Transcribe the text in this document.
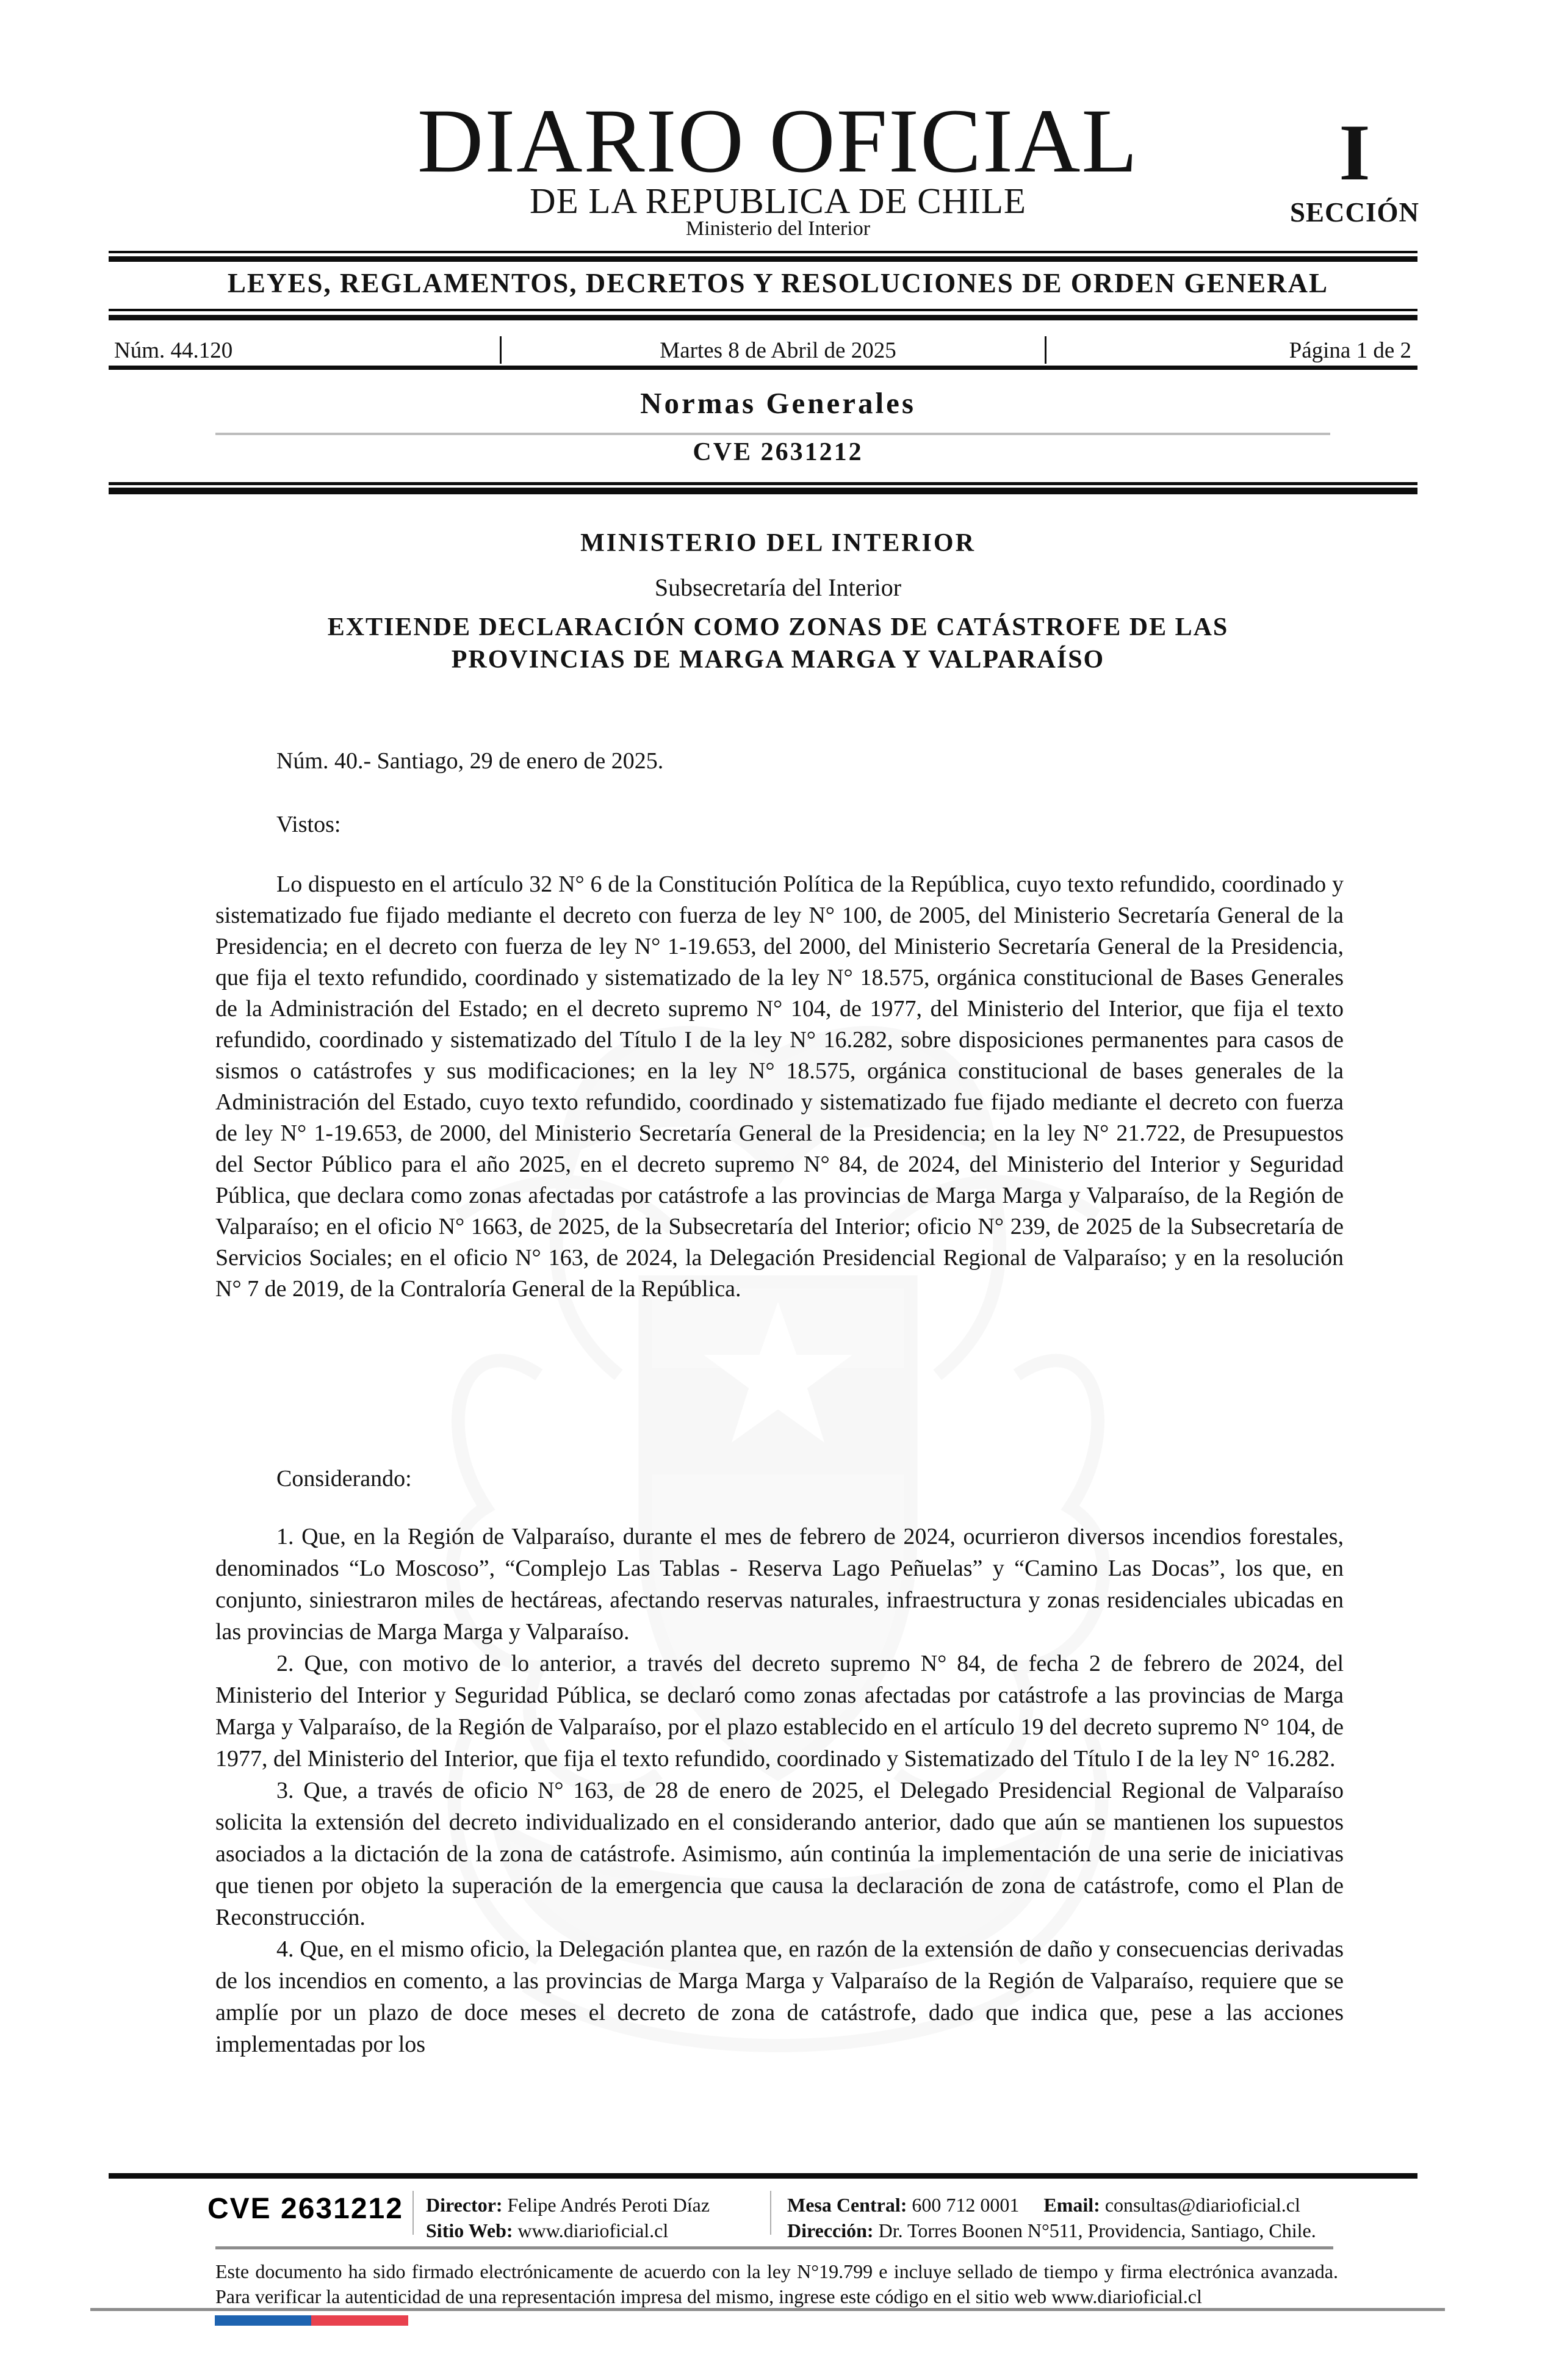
DIARIO OFICIAL
DE LA REPUBLICA DE CHILE
Ministerio del Interior
I
SECCIÓN
LEYES, REGLAMENTOS, DECRETOS Y RESOLUCIONES DE ORDEN GENERAL
Núm. 44.120	Martes 8 de Abril de 2025	Página 1 de 2
Normas Generales
CVE 2631212
MINISTERIO DEL INTERIOR
Subsecretaría del Interior
EXTIENDE DECLARACIÓN COMO ZONAS DE CATÁSTROFE DE LAS
PROVINCIAS DE MARGA MARGA Y VALPARAÍSO
Núm. 40.- Santiago, 29 de enero de 2025.
Vistos:

Lo dispuesto en el artículo 32 N° 6 de la Constitución Política de la República, cuyo texto refundido, coordinado y sistematizado fue fijado mediante el decreto con fuerza de ley N° 100, de 2005, del Ministerio Secretaría General de la Presidencia; en el decreto con fuerza de ley N° 1-19.653, del 2000, del Ministerio Secretaría General de la Presidencia, que fija el texto refundido, coordinado y sistematizado de la ley N° 18.575, orgánica constitucional de Bases Generales de la Administración del Estado; en el decreto supremo N° 104, de 1977, del Ministerio del Interior, que fija el texto refundido, coordinado y sistematizado del Título I de la ley N° 16.282, sobre disposiciones permanentes para casos de sismos o catástrofes y sus modificaciones; en la ley N° 18.575, orgánica constitucional de bases generales de la Administración del Estado, cuyo texto refundido, coordinado y sistematizado fue fijado mediante el decreto con fuerza de ley N° 1-19.653, de 2000, del Ministerio Secretaría General de la Presidencia; en la ley N° 21.722, de Presupuestos del Sector Público para el año 2025, en el decreto supremo N° 84, de 2024, del Ministerio del Interior y Seguridad Pública, que declara como zonas afectadas por catástrofe a las provincias de Marga Marga y Valparaíso, de la Región de Valparaíso; en el oficio N° 1663, de 2025, de la Subsecretaría del Interior; oficio N° 239, de 2025 de la Subsecretaría de Servicios Sociales; en el oficio N° 163, de 2024, la Delegación Presidencial Regional de Valparaíso; y en la resolución N° 7 de 2019, de la Contraloría General de la República.

Considerando:

1. Que, en la Región de Valparaíso, durante el mes de febrero de 2024, ocurrieron diversos incendios forestales, denominados “Lo Moscoso”, “Complejo Las Tablas - Reserva Lago Peñuelas” y “Camino Las Docas”, los que, en conjunto, siniestraron miles de hectáreas, afectando reservas naturales, infraestructura y zonas residenciales ubicadas en las provincias de Marga Marga y Valparaíso.

2. Que, con motivo de lo anterior, a través del decreto supremo N° 84, de fecha 2 de febrero de 2024, del Ministerio del Interior y Seguridad Pública, se declaró como zonas afectadas por catástrofe a las provincias de Marga Marga y Valparaíso, de la Región de Valparaíso, por el plazo establecido en el artículo 19 del decreto supremo N° 104, de 1977, del Ministerio del Interior, que fija el texto refundido, coordinado y Sistematizado del Título I de la ley N° 16.282.

3. Que, a través de oficio N° 163, de 28 de enero de 2025, el Delegado Presidencial Regional de Valparaíso solicita la extensión del decreto individualizado en el considerando anterior, dado que aún se mantienen los supuestos asociados a la dictación de la zona de catástrofe. Asimismo, aún continúa la implementación de una serie de iniciativas que tienen por objeto la superación de la emergencia que causa la declaración de zona de catástrofe, como el Plan de Reconstrucción.

4. Que, en el mismo oficio, la Delegación plantea que, en razón de la extensión de daño y consecuencias derivadas de los incendios en comento, a las provincias de Marga Marga y Valparaíso de la Región de Valparaíso, requiere que se amplíe por un plazo de doce meses el decreto de zona de catástrofe, dado que indica que, pese a las acciones implementadas por los

CVE 2631212 Director: Felipe Andrés Peroti Díaz
Sitio Web: www.diarioficial.cl
Mesa Central: 600 712 0001 Email: consultas@diarioficial.cl
Dirección: Dr. Torres Boonen N°511, Providencia, Santiago, Chile.

Este documento ha sido firmado electrónicamente de acuerdo con la ley N°19.799 e incluye sellado de tiempo y firma electrónica avanzada. Para verificar la autenticidad de una representación impresa del mismo, ingrese este código en el sitio web www.diarioficial.cl
